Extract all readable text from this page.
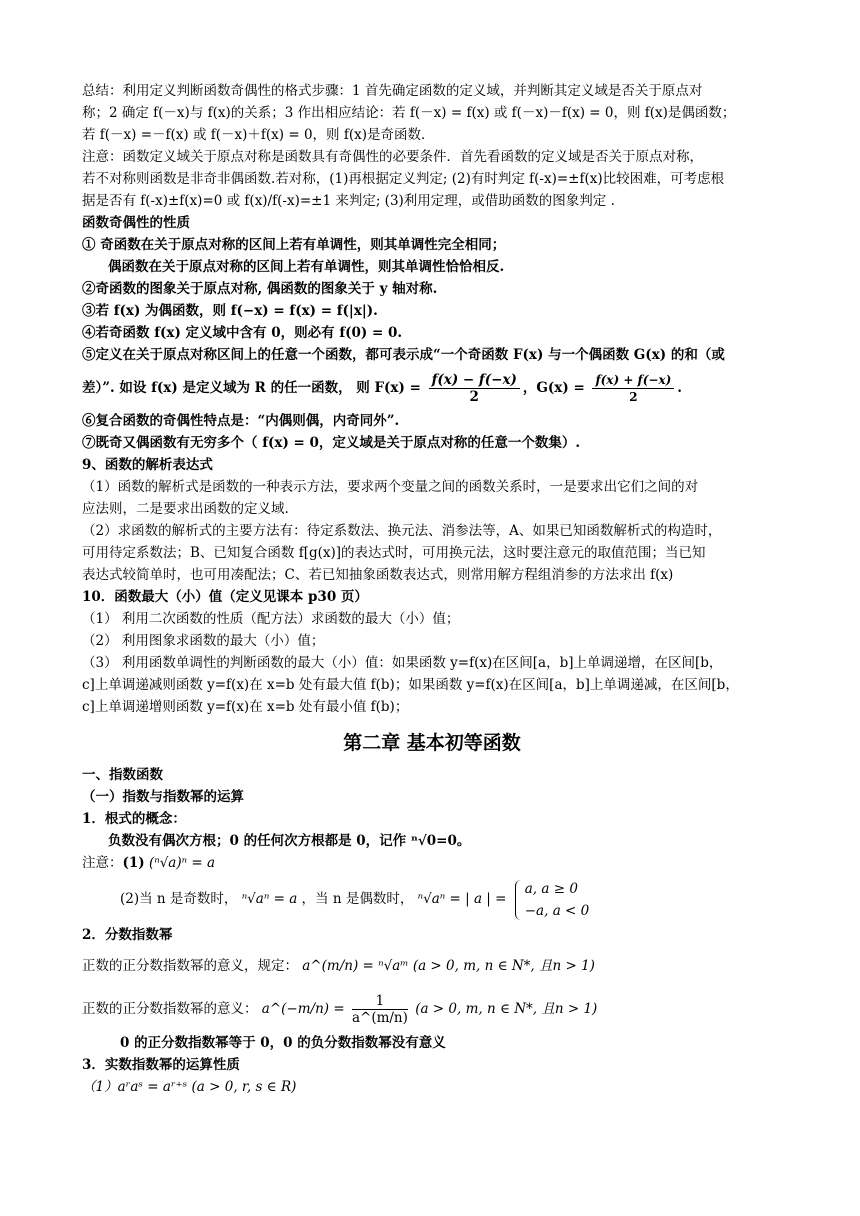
总结：利用定义判断函数奇偶性的格式步骤：1 首先确定函数的定义域，并判断其定义域是否关于原点对
称；2 确定 f(－x)与 f(x)的关系；3 作出相应结论：若 f(－x) = f(x) 或 f(－x)－f(x) = 0，则 f(x)是偶函数；
若 f(－x) =－f(x) 或 f(－x)＋f(x) = 0，则 f(x)是奇函数．
注意：函数定义域关于原点对称是函数具有奇偶性的必要条件．首先看函数的定义域是否关于原点对称，
若不对称则函数是非奇非偶函数.若对称，(1)再根据定义判定; (2)有时判定 f(-x)=±f(x)比较困难，可考虑根
据是否有 f(-x)±f(x)=0 或 f(x)/f(-x)=±1 来判定; (3)利用定理，或借助函数的图象判定 .
函数奇偶性的性质
① 奇函数在关于原点对称的区间上若有单调性，则其单调性完全相同；
偶函数在关于原点对称的区间上若有单调性，则其单调性恰恰相反.
②奇函数的图象关于原点对称, 偶函数的图象关于 y 轴对称.
③若 f(x) 为偶函数，则 f(−x) = f(x) = f(|x|).
④若奇函数 f(x) 定义域中含有 0，则必有 f(0) = 0.
⑤定义在关于原点对称区间上的任意一个函数，都可表示成“一个奇函数 F(x) 与一个偶函数 G(x) 的和（或
差）”. 如设 f(x) 是定义域为 R 的任一函数， 则 $F(x) = \frac{f(x) - f(-x)}{2}$ ，$G(x) = \frac{f(x) + f(-x)}{2}$ .
⑥复合函数的奇偶性特点是：“内偶则偶，内奇同外”.
⑦既奇又偶函数有无穷多个（ f(x) = 0，定义域是关于原点对称的任意一个数集）.
9、函数的解析表达式
（1）函数的解析式是函数的一种表示方法，要求两个变量之间的函数关系时，一是要求出它们之间的对
应法则，二是要求出函数的定义域.
（2）求函数的解析式的主要方法有：待定系数法、换元法、消参法等，A、如果已知函数解析式的构造时，
可用待定系数法；B、已知复合函数 f[g(x)]的表达式时，可用换元法，这时要注意元的取值范围；当已知
表达式较简单时，也可用凑配法；C、若已知抽象函数表达式，则常用解方程组消参的方法求出 f(x)
10．函数最大（小）值（定义见课本 p30 页）
（1） 利用二次函数的性质（配方法）求函数的最大（小）值；
（2） 利用图象求函数的最大（小）值；
（3） 利用函数单调性的判断函数的最大（小）值：如果函数 y=f(x)在区间[a，b]上单调递增，在区间[b，
c]上单调递减则函数 y=f(x)在 x=b 处有最大值 f(b)；如果函数 y=f(x)在区间[a，b]上单调递减，在区间[b，
c]上单调递增则函数 y=f(x)在 x=b 处有最小值 f(b)；
第二章 基本初等函数
一、指数函数
（一）指数与指数幂的运算
1．根式的概念：
负数没有偶次方根；0 的任何次方根都是 0，记作 ⁿ√0=0。
注意：(1) (ⁿ√a)ⁿ = a
(2)当 n 是奇数时， ⁿ√aⁿ = a ，当 n 是偶数时， ⁿ√aⁿ = | a | =
a, a ≥ 0
−a, a < 0
2．分数指数幂
正数的正分数指数幂的意义，规定： a^(m/n) = ⁿ√aᵐ (a > 0, m, n ∈ N*, 且n > 1)
正数的正分数指数幂的意义： a^(−m/n) = $\frac{1}{a\^{}(m/n)} (a > 0$, m, n ∈ N*, 且n > 1)
0 的正分数指数幂等于 0，0 的负分数指数幂没有意义
3．实数指数幂的运算性质
（1）aʳaˢ = aʳ⁺ˢ (a > 0, r, s ∈ R)
